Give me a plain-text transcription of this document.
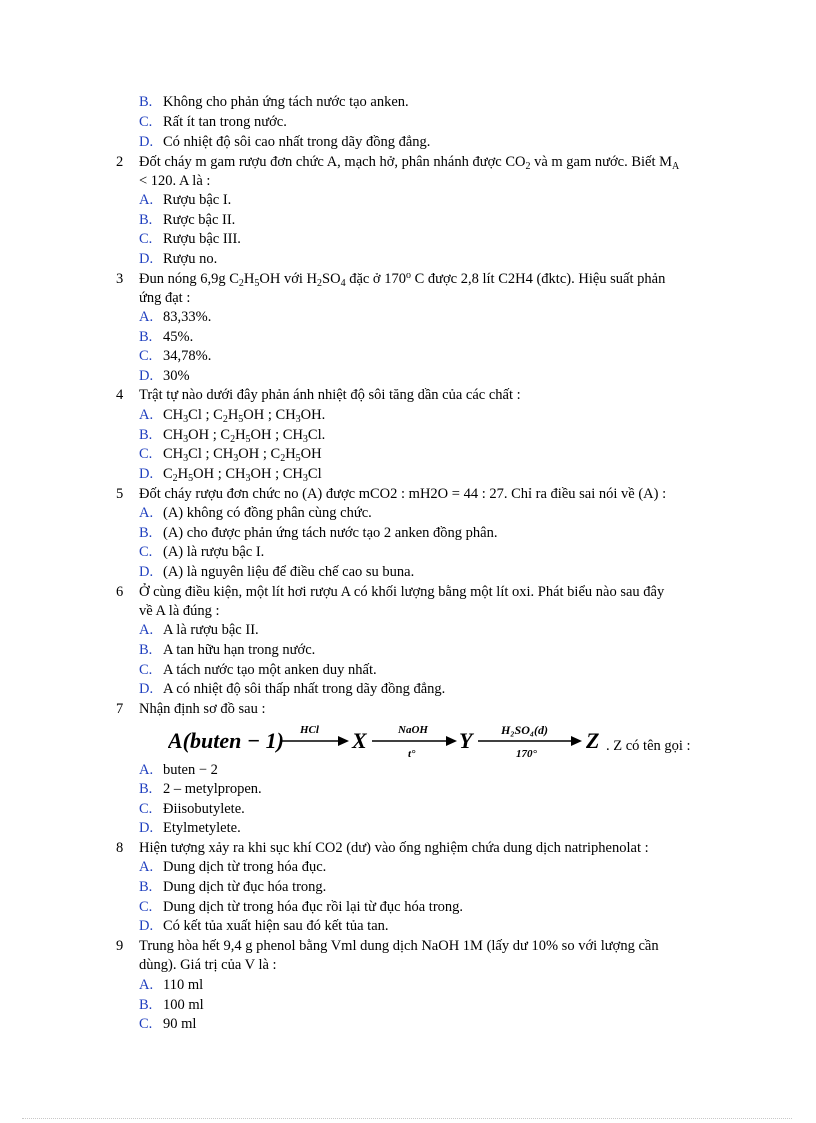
B. Không cho phản ứng tách nước tạo anken.
C. Rất ít tan trong nước.
D. Có nhiệt độ sôi cao nhất trong dãy đồng đẳng.
2	Đốt cháy m gam rượu đơn chức A, mạch hở, phân nhánh được $CO_2$ và m gam nước. Biết $M_A$
< 120. A là :
A. Rượu bậc I.
B. Rược bậc II.
C. Rượu bậc III.
D. Rượu no.
3	Đun nóng 6,9g $C_2H_5OH$ với $H_2SO_4$ đặc ở 170$^o$ C được 2,8 lít C2H4 (đktc). Hiệu suất phản
ứng đạt :
A. 83,33%.
B. 45%.
C. 34,78%.
D. 30%
4	Trật tự nào dưới đây phản ánh nhiệt độ sôi tăng dần của các chất :
A. $CH_3Cl$ ; $C_2H_5OH$ ; $CH_3OH$.
B. $CH_3OH$ ; $C_2H_5OH$ ; $CH_3Cl$.
C. $CH_3Cl$ ; $CH_3OH$ ; $C_2H_5OH$
D. $C_2H_5OH$ ; $CH_3OH$ ; $CH_3Cl$
5	Đốt cháy rượu đơn chức no (A) được mCO2 : mH2O = 44 : 27. Chỉ ra điều sai nói về (A) :
A. (A) không có đồng phân cùng chức.
B. (A) cho được phản ứng tách nước tạo 2 anken đồng phân.
C. (A) là rượu bậc I.
D. (A) là nguyên liệu để điều chế cao su buna.
6	Ở cùng điều kiện, một lít hơi rượu A có khối lượng bằng một lít oxi. Phát biểu nào sau đây
về A là đúng :
A. A là rượu bậc II.
B. A tan hữu hạn trong nước.
C. A tách nước tạo một anken duy nhất.
D. A có nhiệt độ sôi thấp nhất trong dãy đồng đẳng.
7	Nhận định sơ đồ sau :
A(buten − 1) HCl X	NaOH
t°
Y H₂SO₄(d)
170°
Z . Z có tên gọi :
A. buten − 2
B. 2 – metylpropen.
C. Điisobutylete.
D. Etylmetylete.
8	Hiện tượng xảy ra khi sục khí CO2 (dư) vào ống nghiệm chứa dung dịch natriphenolat :
A. Dung dịch từ trong hóa đục.
B. Dung dịch từ đục hóa trong.
C. Dung dịch từ trong hóa đục rồi lại từ đục hóa trong.
D. Có kết tủa xuất hiện sau đó kết tủa tan.
9	Trung hòa hết 9,4 g phenol bằng Vml dung dịch NaOH 1M (lấy dư 10% so với lượng cần
dùng). Giá trị của V là :
A. 110 ml
B. 100 ml
C. 90 ml
